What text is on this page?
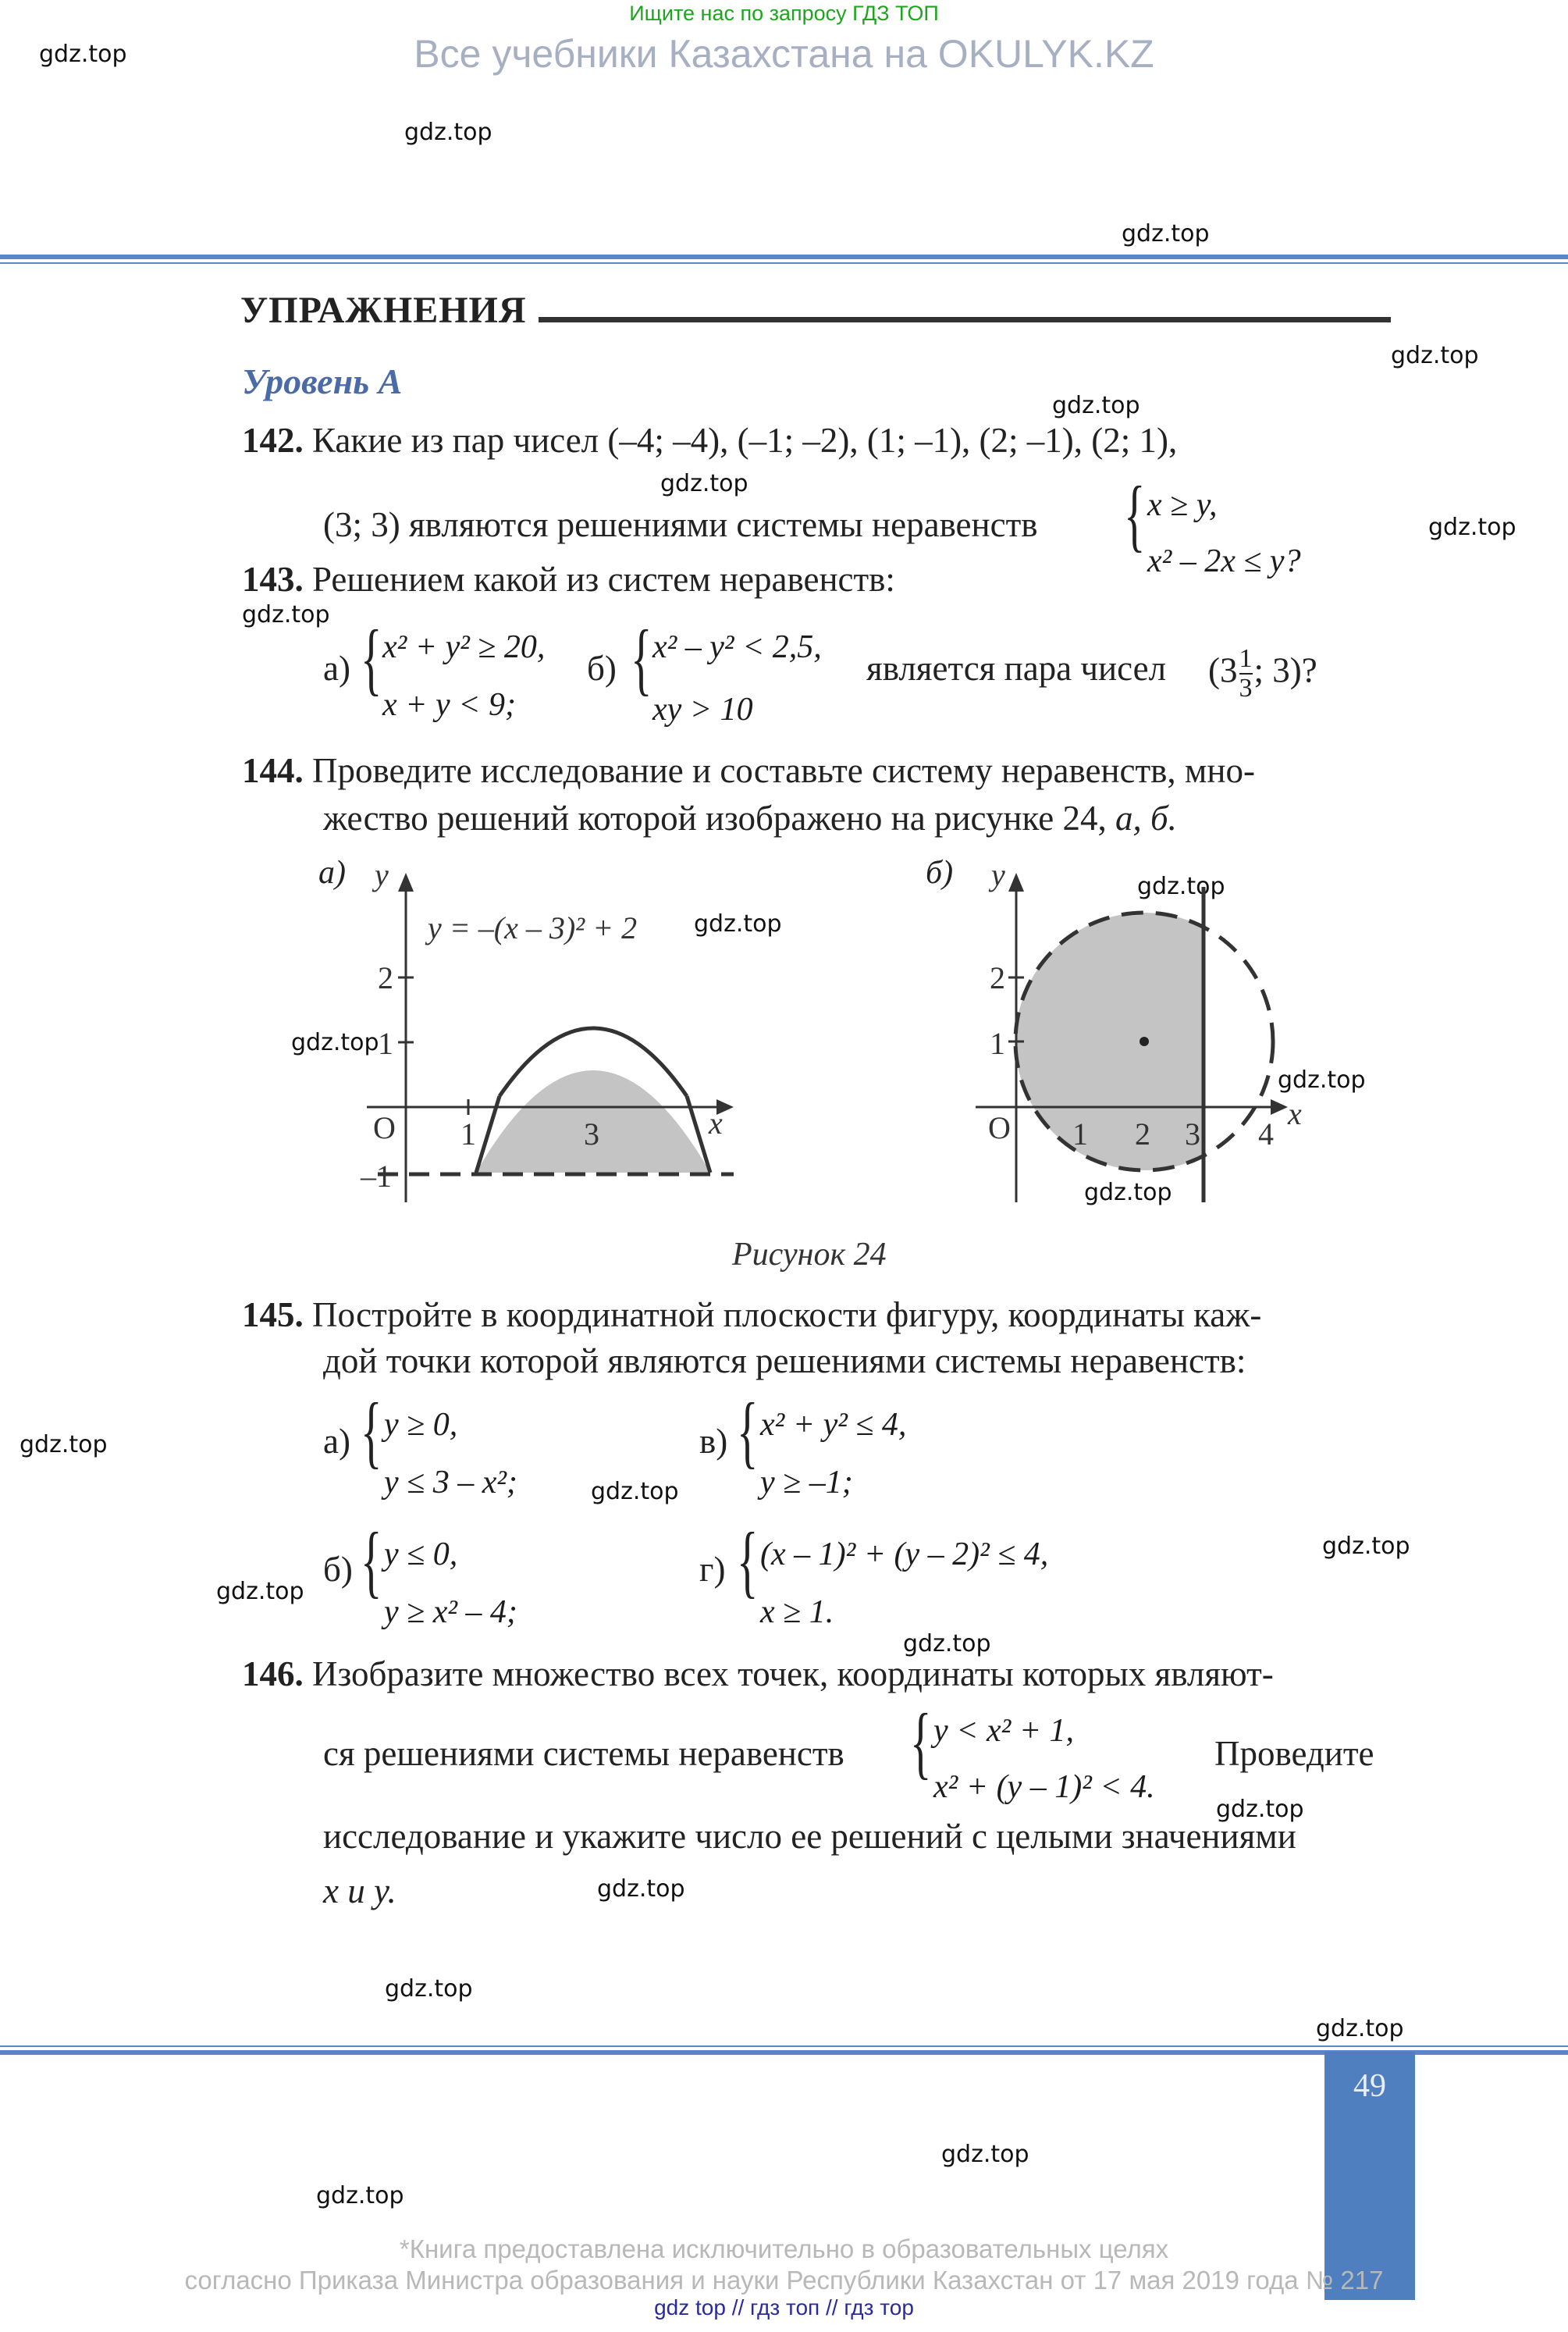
Ищите нас по запросу ГДЗ ТОП
Все учебники Казахстана на OKULYK.KZ
gdz.top
gdz.top
gdz.top
gdz.top
gdz.top
gdz.top
gdz.top
gdz.top
gdz.top
gdz.top
gdz.top
gdz.top
gdz.top
gdz.top
gdz.top
gdz.top
gdz.top
gdz.top
gdz.top
gdz.top
gdz.top
gdz.top
gdz.top
gdz.top
УПРАЖНЕНИЯ
Уровень А
142. Какие из пар чисел (–4; –4), (–1; –2), (1; –1), (2; –1), (2; 1),
(3; 3) являются решениями системы неравенств { x ≥ y,
x² – 2x ≤ y?
143. Решением какой из систем неравенств:
а) { x² + y² ≥ 20,
x + y < 9;
б) { x² – y² < 2,5,
xy > 10
является пара чисел ($3 \frac{1}{3}$ ; 3)?
144. Проведите исследование и составьте систему неравенств, мно-
жество решений которой изображено на рисунке 24, а, б.
а) y
x
O
2
1
–1
1	3
y = –(x – 3)² + 2
б) y
x
O
2
1
1 2 3 4
Рисунок 24
145. Постройте в координатной плоскости фигуру, координаты каж-
дой точки которой являются решениями системы неравенств:
а) { y ≥ 0,
y ≤ 3 – x²;
в) { x² + y² ≤ 4,
y ≥ –1;
б) { y ≤ 0,
y ≥ x² – 4;
г) { (x – 1)² + (y – 2)² ≤ 4,
x ≥ 1.
146. Изобразите множество всех точек, координаты которых являют-
ся решениями системы неравенств { y < x² + 1,
x² + (y – 1)² < 4.
Проведите
исследование и укажите число ее решений с целыми значениями
x и y.
49
*Книга предоставлена исключительно в образовательных целях
согласно Приказа Министра образования и науки Республики Казахстан от 17 мая 2019 года № 217
gdz top // гдз топ // гдз тор
